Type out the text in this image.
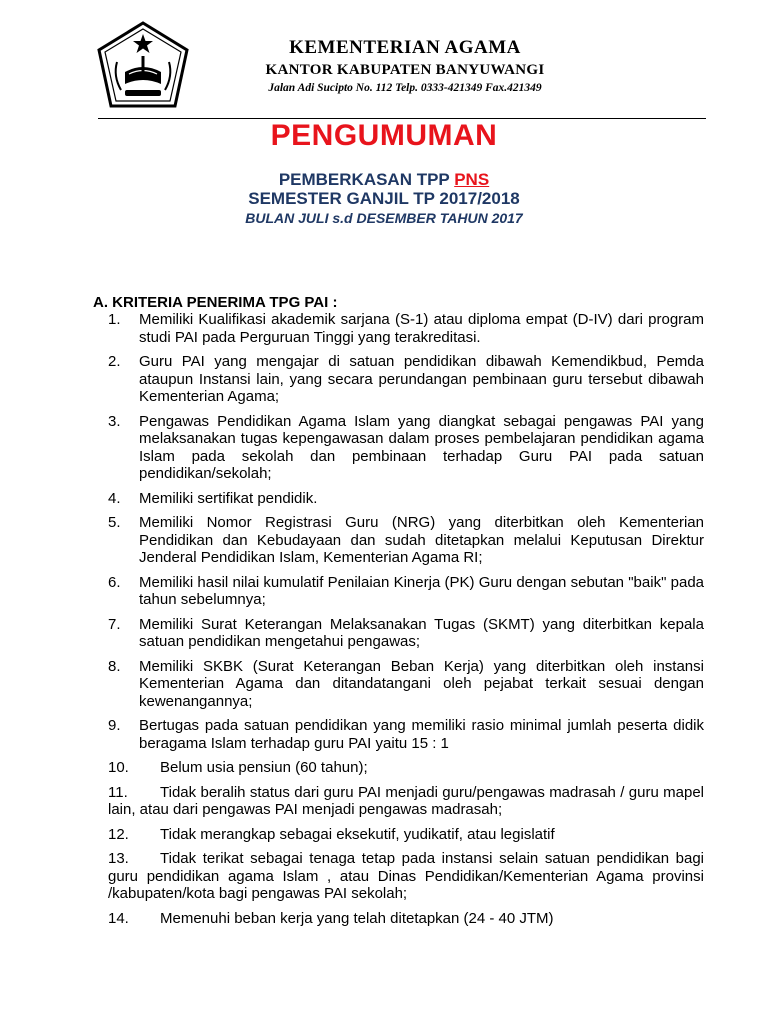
KEMENTERIAN AGAMA
KANTOR KABUPATEN BANYUWANGI
Jalan Adi Sucipto No. 112 Telp. 0333-421349 Fax.421349
PENGUMUMAN
PEMBERKASAN TPP PNS
SEMESTER GANJIL TP 2017/2018
BULAN JULI s.d DESEMBER TAHUN 2017
A. KRITERIA PENERIMA TPG PAI :
1.	Memiliki Kualifikasi akademik sarjana (S-1) atau diploma empat (D-IV) dari program studi PAI pada Perguruan Tinggi yang terakreditasi.
2.	Guru PAI yang mengajar di satuan pendidikan dibawah Kemendikbud, Pemda ataupun Instansi lain, yang secara perundangan pembinaan guru tersebut dibawah Kementerian Agama;
3.	Pengawas Pendidikan Agama Islam yang diangkat sebagai pengawas PAI yang melaksanakan tugas kepengawasan dalam proses pembelajaran pendidikan agama Islam pada sekolah dan pembinaan terhadap Guru PAI pada satuan pendidikan/sekolah;
4.	Memiliki sertifikat pendidik.
5.	Memiliki Nomor Registrasi Guru (NRG) yang diterbitkan oleh Kementerian Pendidikan dan Kebudayaan dan sudah ditetapkan melalui Keputusan Direktur Jenderal Pendidikan Islam, Kementerian Agama RI;
6.	Memiliki hasil nilai kumulatif Penilaian Kinerja (PK) Guru dengan sebutan "baik" pada tahun sebelumnya;
7.	Memiliki Surat Keterangan Melaksanakan Tugas (SKMT) yang diterbitkan kepala satuan pendidikan mengetahui pengawas;
8.	Memiliki SKBK (Surat Keterangan Beban Kerja) yang diterbitkan oleh instansi Kementerian Agama dan ditandatangani oleh pejabat terkait sesuai dengan kewenangannya;
9.	Bertugas pada satuan pendidikan yang memiliki rasio minimal jumlah peserta didik beragama Islam terhadap guru PAI yaitu 15 : 1
10.	Belum usia pensiun (60 tahun);
11. Tidak beralih status dari guru PAI menjadi guru/pengawas madrasah / guru mapel lain, atau dari pengawas PAI menjadi pengawas madrasah;
12.	Tidak merangkap sebagai eksekutif, yudikatif, atau legislatif
13. Tidak terikat sebagai tenaga tetap pada instansi selain satuan pendidikan bagi guru pendidikan agama Islam , atau Dinas Pendidikan/Kementerian Agama provinsi /kabupaten/kota bagi pengawas PAI sekolah;
14.	Memenuhi beban kerja yang telah ditetapkan (24 - 40 JTM)
